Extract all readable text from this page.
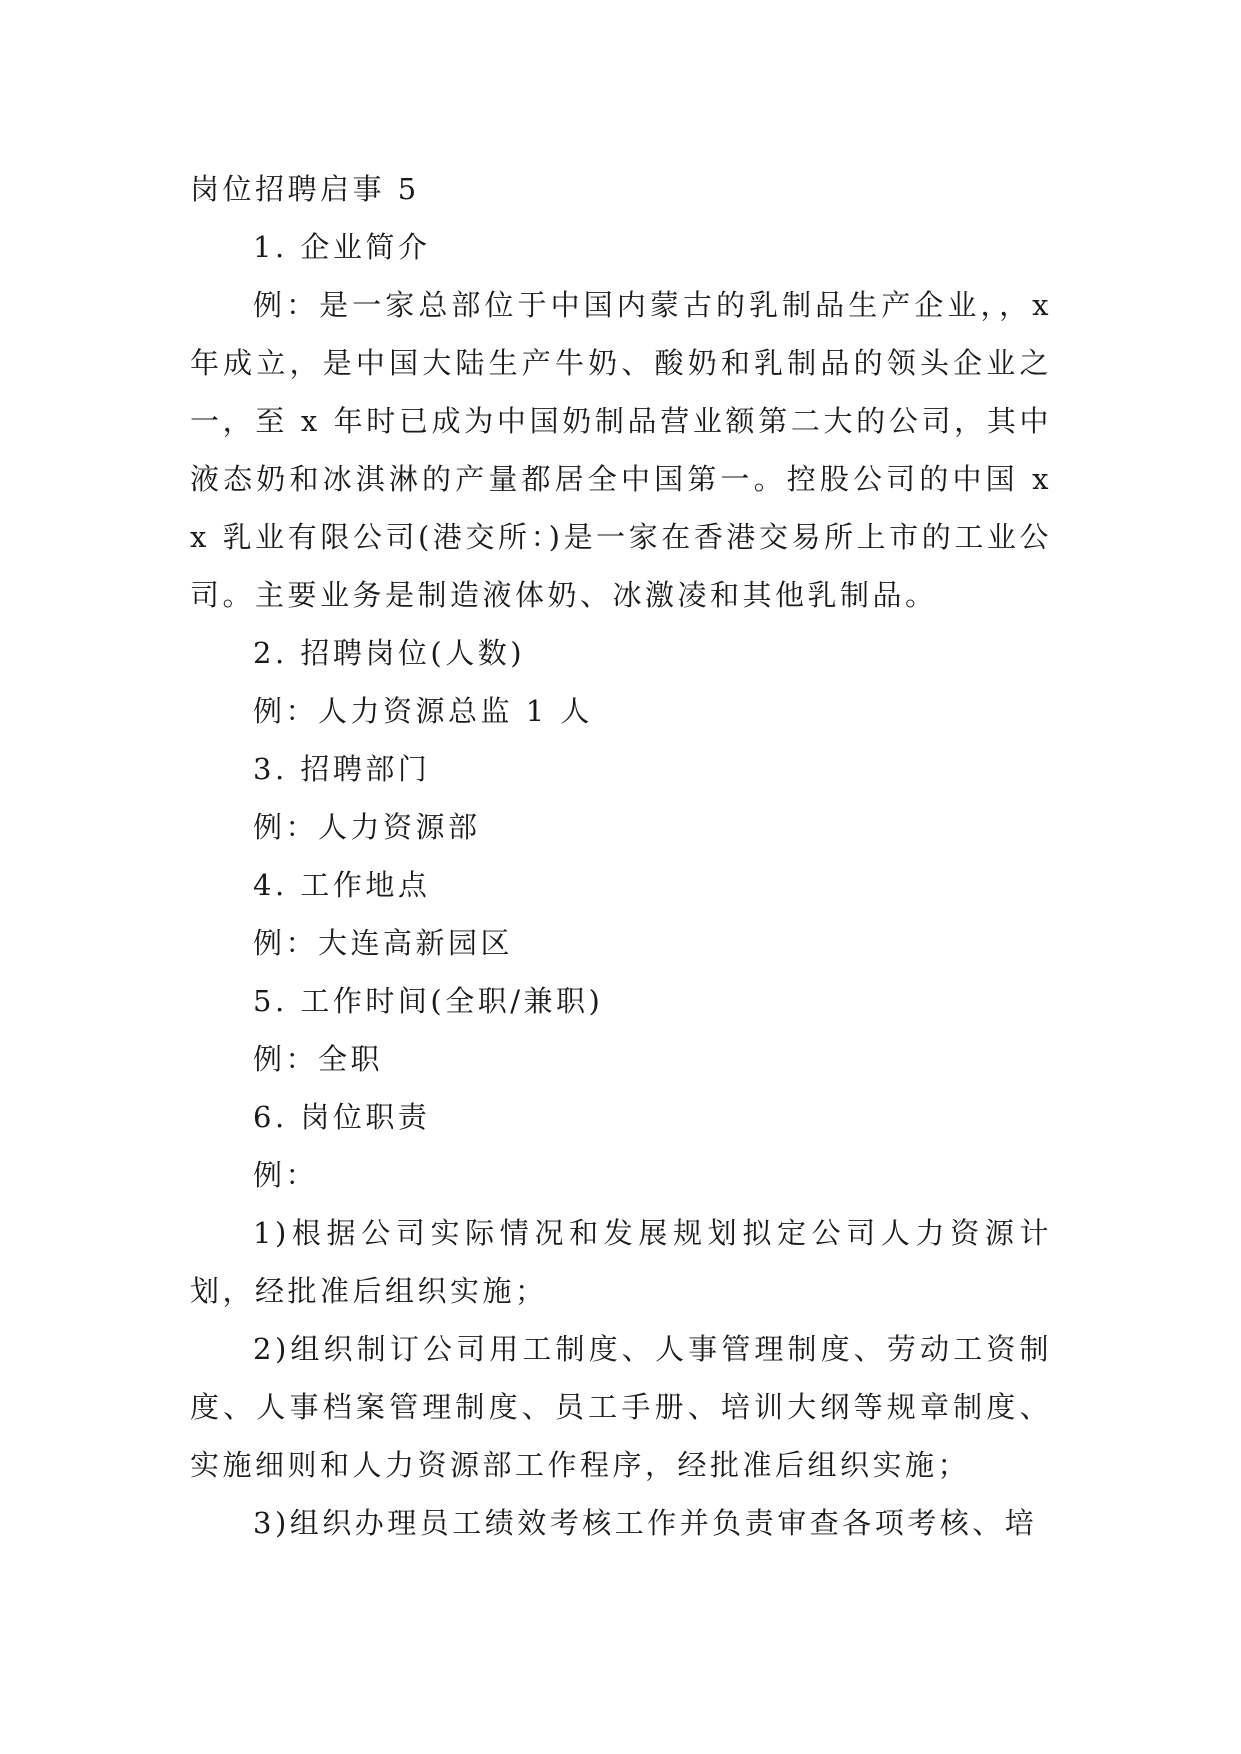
岗位招聘启事 5

1. 企业简介

例：是一家总部位于中国内蒙古的乳制品生产企业，，x 年成立，是中国大陆生产牛奶、酸奶和乳制品的领头企业之一，至 x 年时已成为中国奶制品营业额第二大的公司，其中液态奶和冰淇淋的产量都居全中国第一。控股公司的中国 xx 乳业有限公司(港交所：)是一家在香港交易所上市的工业公司。主要业务是制造液体奶、冰激凌和其他乳制品。

2. 招聘岗位(人数)

例：人力资源总监 1 人

3. 招聘部门

例：人力资源部

4. 工作地点

例：大连高新园区

5. 工作时间(全职/兼职)

例：全职

6. 岗位职责

例：

1)根据公司实际情况和发展规划拟定公司人力资源计划，经批准后组织实施；

2)组织制订公司用工制度、人事管理制度、劳动工资制度、人事档案管理制度、员工手册、培训大纲等规章制度、实施细则和人力资源部工作程序，经批准后组织实施；

3)组织办理员工绩效考核工作并负责审查各项考核、培
